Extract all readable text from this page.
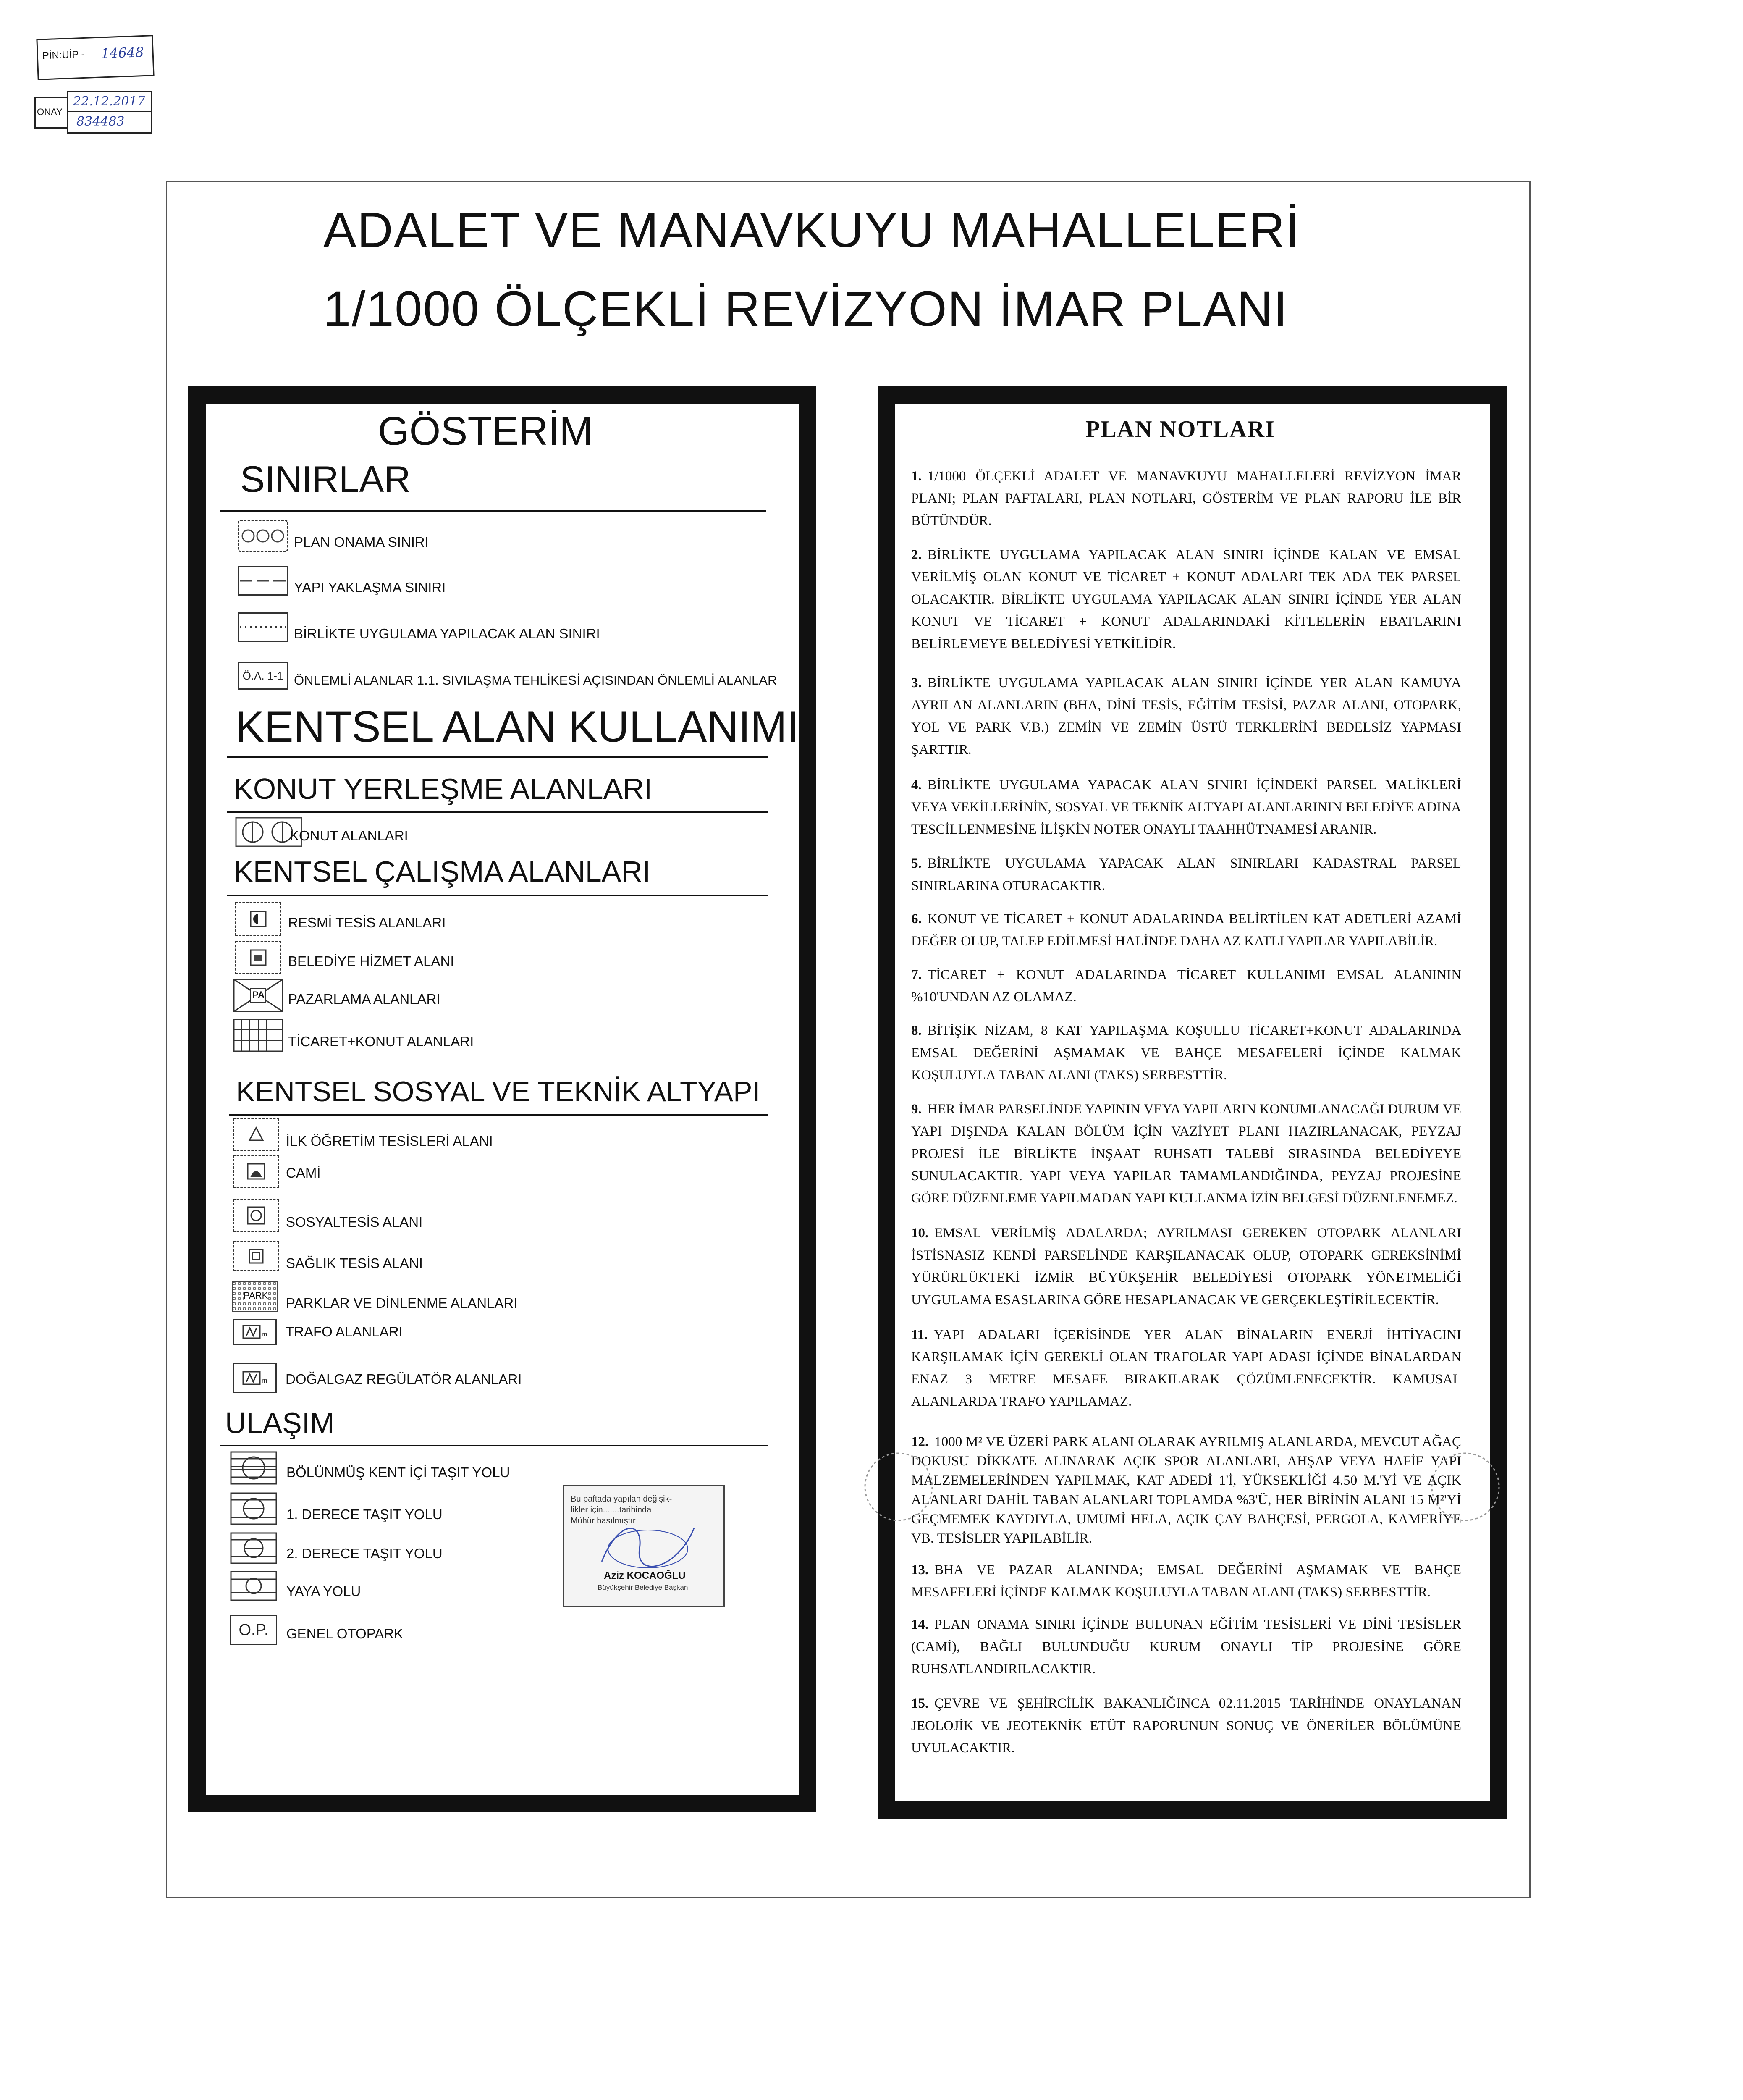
PİN:UİP - 14648
ONAY
22.12.2017
834483
ADALET VE MANAVKUYU MAHALLELERİ
1/1000 ÖLÇEKLİ REVİZYON İMAR PLANI
GÖSTERİM
SINIRLAR
PLAN ONAMA SINIRI
YAPI YAKLAŞMA SINIRI
BİRLİKTE UYGULAMA YAPILACAK ALAN SINIRI
Ö.A. 1-1 ÖNLEMLİ ALANLAR 1.1. SIVILAŞMA TEHLİKESİ AÇISINDAN ÖNLEMLİ ALANLAR
KENTSEL ALAN KULLANIMI
KONUT YERLEŞME ALANLARI
KONUT ALANLARI
KENTSEL ÇALIŞMA ALANLARI
RESMİ TESİS ALANLARI
BELEDİYE HİZMET ALANI
PA PAZARLAMA ALANLARI
TİCARET+KONUT ALANLARI
KENTSEL SOSYAL VE TEKNİK ALTYAPI
İLK ÖĞRETİM TESİSLERİ ALANI
CAMİ
SOSYALTESİS ALANI
SAĞLIK TESİS ALANI
PARK PARKLAR VE DİNLENME ALANLARI
m TRAFO ALANLARI
m DOĞALGAZ REGÜLATÖR ALANLARI
ULAŞIM
BÖLÜNMÜŞ KENT İÇİ TAŞIT YOLU
1. DERECE TAŞIT YOLU
2. DERECE TAŞIT YOLU
YAYA YOLU
O.P.	GENEL OTOPARK
Bu paftada yapılan değişik-
likler için.......tarihinda
Mühür basılmıştır
Aziz KOCAOĞLU
Büyükşehir Belediye Başkanı
PLAN NOTLARI
1. 1/1000 ÖLÇEKLİ ADALET VE MANAVKUYU MAHALLELERİ REVİZYON İMAR PLANI; PLAN PAFTALARI, PLAN NOTLARI, GÖSTERİM VE PLAN RAPORU İLE BİR BÜTÜNDÜR.
2. BİRLİKTE UYGULAMA YAPILACAK ALAN SINIRI İÇİNDE KALAN VE EMSAL VERİLMİŞ OLAN KONUT VE TİCARET + KONUT ADALARI TEK ADA TEK PARSEL OLACAKTIR. BİRLİKTE UYGULAMA YAPILACAK ALAN SINIRI İÇİNDE YER ALAN KONUT VE TİCARET + KONUT ADALARINDAKİ KİTLELERİN EBATLARINI BELİRLEMEYE BELEDİYESİ YETKİLİDİR.
3. BİRLİKTE UYGULAMA YAPILACAK ALAN SINIRI İÇİNDE YER ALAN KAMUYA AYRILAN ALANLARIN (BHA, DİNİ TESİS, EĞİTİM TESİSİ, PAZAR ALANI, OTOPARK, YOL VE PARK V.B.) ZEMİN VE ZEMİN ÜSTÜ TERKLERİNİ BEDELSİZ YAPMASI ŞARTTIR.
4. BİRLİKTE UYGULAMA YAPACAK ALAN SINIRI İÇİNDEKİ PARSEL MALİKLERİ VEYA VEKİLLERİNİN, SOSYAL VE TEKNİK ALTYAPI ALANLARININ BELEDİYE ADINA TESCİLLENMESİNE İLİŞKİN NOTER ONAYLI TAAHHÜTNAMESİ ARANIR.
5. BİRLİKTE UYGULAMA YAPACAK ALAN SINIRLARI KADASTRAL PARSEL SINIRLARINA OTURACAKTIR.
6. KONUT VE TİCARET + KONUT ADALARINDA BELİRTİLEN KAT ADETLERİ AZAMİ DEĞER OLUP, TALEP EDİLMESİ HALİNDE DAHA AZ KATLI YAPILAR YAPILABİLİR.
7. TİCARET + KONUT ADALARINDA TİCARET KULLANIMI EMSAL ALANININ %10'UNDAN AZ OLAMAZ.
8. BİTİŞİK NİZAM, 8 KAT YAPILAŞMA KOŞULLU TİCARET+KONUT ADALARINDA EMSAL DEĞERİNİ AŞMAMAK VE BAHÇE MESAFELERİ İÇİNDE KALMAK KOŞULUYLA TABAN ALANI (TAKS) SERBESTTİR.
9. HER İMAR PARSELİNDE YAPININ VEYA YAPILARIN KONUMLANACAĞI DURUM VE YAPI DIŞINDA KALAN BÖLÜM İÇİN VAZİYET PLANI HAZIRLANACAK, PEYZAJ PROJESİ İLE BİRLİKTE İNŞAAT RUHSATI TALEBİ SIRASINDA BELEDİYEYE SUNULACAKTIR. YAPI VEYA YAPILAR TAMAMLANDIĞINDA, PEYZAJ PROJESİNE GÖRE DÜZENLEME YAPILMADAN YAPI KULLANMA İZİN BELGESİ DÜZENLENEMEZ.
10. EMSAL VERİLMİŞ ADALARDA; AYRILMASI GEREKEN OTOPARK ALANLARI İSTİSNASIZ KENDİ PARSELİNDE KARŞILANACAK OLUP, OTOPARK GEREKSİNİMİ YÜRÜRLÜKTEKİ İZMİR BÜYÜKŞEHİR BELEDİYESİ OTOPARK YÖNETMELİĞİ UYGULAMA ESASLARINA GÖRE HESAPLANACAK VE GERÇEKLEŞTİRİLECEKTİR.
11. YAPI ADALARI İÇERİSİNDE YER ALAN BİNALARIN ENERJİ İHTİYACINI KARŞILAMAK İÇİN GEREKLİ OLAN TRAFOLAR YAPI ADASI İÇİNDE BİNALARDAN ENAZ 3 METRE MESAFE BIRAKILARAK ÇÖZÜMLENECEKTİR. KAMUSAL ALANLARDA TRAFO YAPILAMAZ.
12. 1000 M² VE ÜZERİ PARK ALANI OLARAK AYRILMIŞ ALANLARDA, MEVCUT AĞAÇ DOKUSU DİKKATE ALINARAK AÇIK SPOR ALANLARI, AHŞAP VEYA HAFİF YAPI MALZEMELERİNDEN YAPILMAK, KAT ADEDİ 1'İ, YÜKSEKLİĞİ 4.50 M.'Yİ VE AÇIK ALANLARI DAHİL TABAN ALANLARI TOPLAMDA %3'Ü, HER BİRİNİN ALANI 15 M²'Yİ GEÇMEMEK KAYDIYLA, UMUMİ HELA, AÇIK ÇAY BAHÇESİ, PERGOLA, KAMERİYE VB. TESİSLER YAPILABİLİR.
13. BHA VE PAZAR ALANINDA; EMSAL DEĞERİNİ AŞMAMAK VE BAHÇE MESAFELERİ İÇİNDE KALMAK KOŞULUYLA TABAN ALANI (TAKS) SERBESTTİR.
14. PLAN ONAMA SINIRI İÇİNDE BULUNAN EĞİTİM TESİSLERİ VE DİNİ TESİSLER (CAMİ), BAĞLI BULUNDUĞU KURUM ONAYLI TİP PROJESİNE GÖRE RUHSATLANDIRILACAKTIR.
15. ÇEVRE VE ŞEHİRCİLİK BAKANLIĞINCA 02.11.2015 TARİHİNDE ONAYLANAN JEOLOJİK VE JEOTEKNİK ETÜT RAPORUNUN SONUÇ VE ÖNERİLER BÖLÜMÜNE UYULACAKTIR.
